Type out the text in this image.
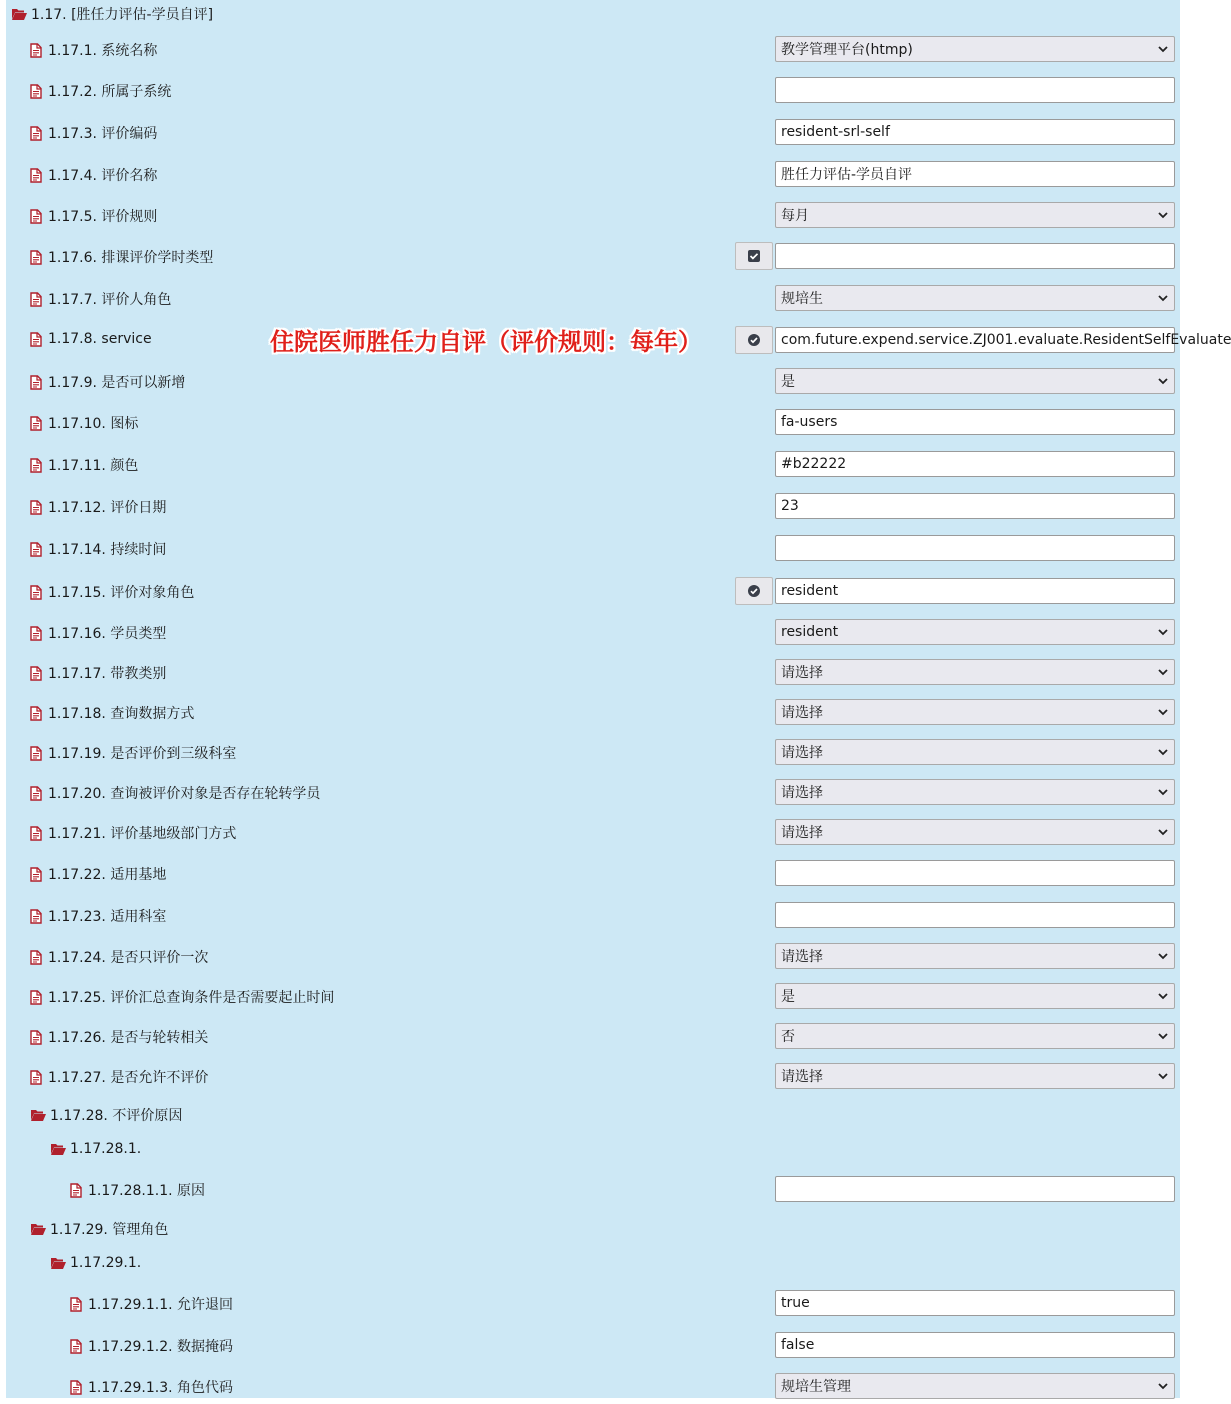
1.17. [胜任力评估-学员自评]
1.17.1. 系统名称	教学管理平台(htmp)
1.17.2. 所属子系统
1.17.3. 评价编码	resident-srl-self
1.17.4. 评价名称	胜任力评估-学员自评
1.17.5. 评价规则	每月
1.17.6. 排课评价学时类型
1.17.7. 评价人角色	规培生
1.17.8. service	com.future.expend.service.ZJ001.evaluate.ResidentSelfEvaluate
1.17.9. 是否可以新增	是
1.17.10. 图标	fa-users
1.17.11. 颜色	#b22222
1.17.12. 评价日期	23
1.17.14. 持续时间
1.17.15. 评价对象角色	resident
1.17.16. 学员类型	resident
1.17.17. 带教类别	请选择
1.17.18. 查询数据方式	请选择
1.17.19. 是否评价到三级科室	请选择
1.17.20. 查询被评价对象是否存在轮转学员	请选择
1.17.21. 评价基地级部门方式	请选择
1.17.22. 适用基地
1.17.23. 适用科室
1.17.24. 是否只评价一次	请选择
1.17.25. 评价汇总查询条件是否需要起止时间	是
1.17.26. 是否与轮转相关	否
1.17.27. 是否允许不评价	请选择
1.17.28. 不评价原因
1.17.28.1.
1.17.28.1.1. 原因
1.17.29. 管理角色
1.17.29.1.
1.17.29.1.1. 允许退回	true
1.17.29.1.2. 数据掩码	false
1.17.29.1.3. 角色代码	规培生管理
住院医师胜任力自评（评价规则：每年）
